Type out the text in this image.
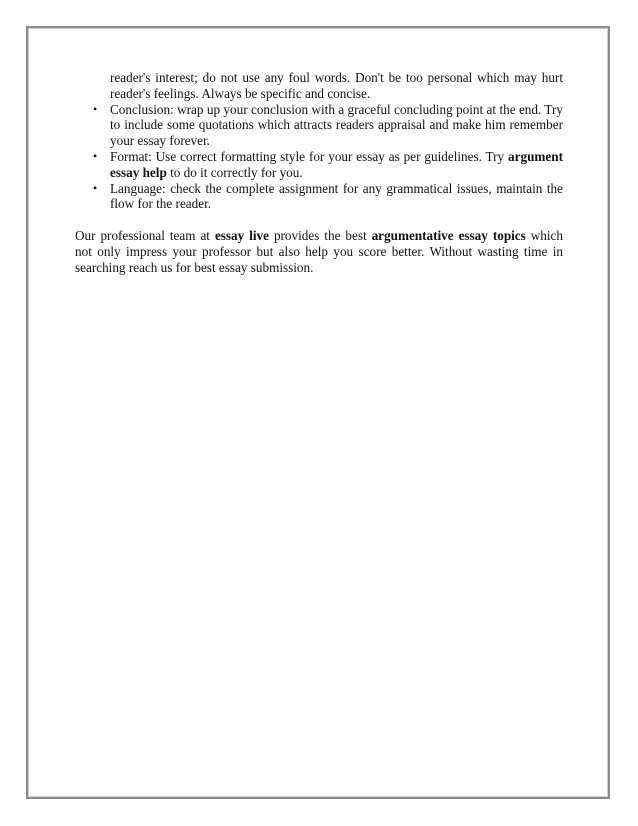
reader's interest; do not use any foul words. Don't be too personal which may hurt reader's feelings. Always be specific and concise.

• Conclusion: wrap up your conclusion with a graceful concluding point at the end. Try to include some quotations which attracts readers appraisal and make him remember your essay forever.
• Format: Use correct formatting style for your essay as per guidelines. Try argument essay help to do it correctly for you.
• Language: check the complete assignment for any grammatical issues, maintain the flow for the reader.

Our professional team at essay live provides the best argumentative essay topics which not only impress your professor but also help you score better. Without wasting time in searching reach us for best essay submission.
